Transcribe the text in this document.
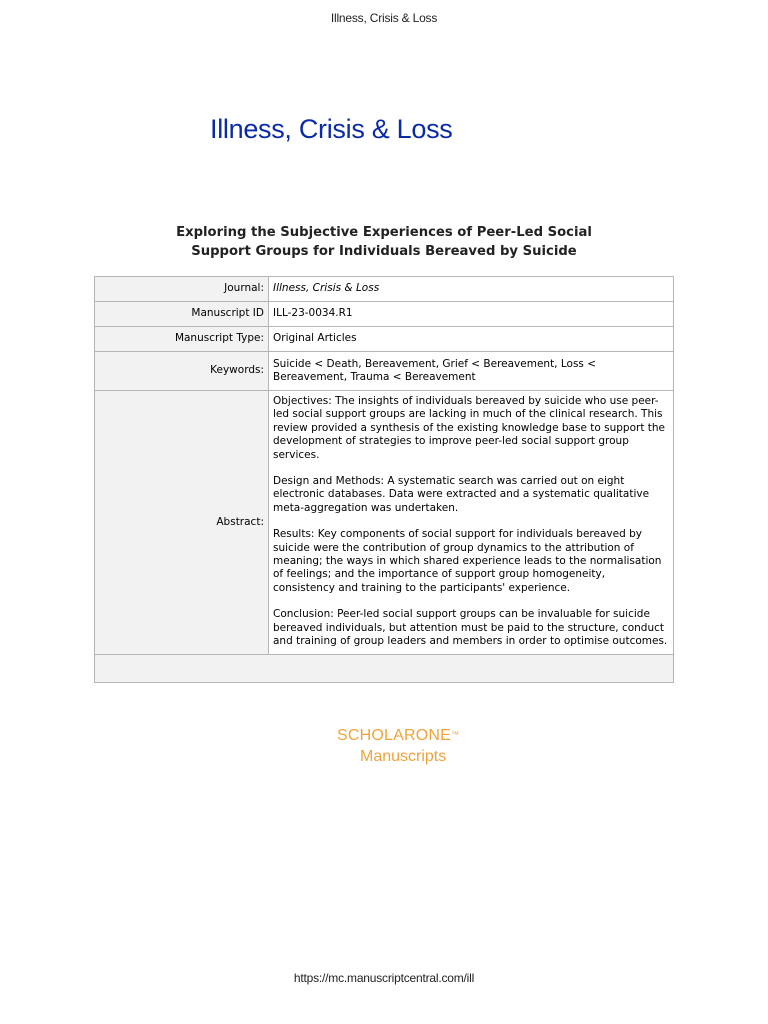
Illness, Crisis & Loss
Illness, Crisis & Loss
Exploring the Subjective Experiences of Peer-Led Social
Support Groups for Individuals Bereaved by Suicide
Journal:	Illness, Crisis & Loss
Manuscript ID	ILL-23-0034.R1
Manuscript Type:	Original Articles
Keywords:	Suicide < Death, Bereavement, Grief < Bereavement, Loss < Bereavement, Trauma < Bereavement
Abstract:	Objectives: The insights of individuals bereaved by suicide who use peer-led social support groups are lacking in much of the clinical research. This review provided a synthesis of the existing knowledge base to support the development of strategies to improve peer-led social support group services.

Design and Methods: A systematic search was carried out on eight electronic databases. Data were extracted and a systematic qualitative meta-aggregation was undertaken.

Results: Key components of social support for individuals bereaved by suicide were the contribution of group dynamics to the attribution of meaning; the ways in which shared experience leads to the normalisation of feelings; and the importance of support group homogeneity, consistency and training to the participants' experience.

Conclusion: Peer-led social support groups can be invaluable for suicide bereaved individuals, but attention must be paid to the structure, conduct and training of group leaders and members in order to optimise outcomes.

SCHOLARONE™
Manuscripts
https://mc.manuscriptcentral.com/ill
